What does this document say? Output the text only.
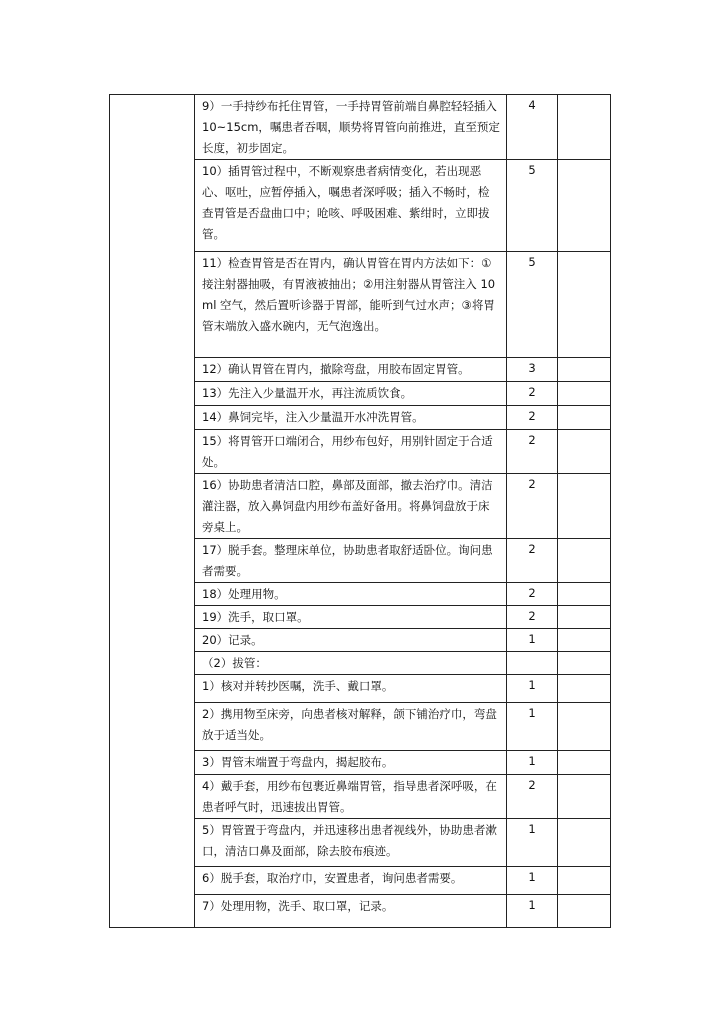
	9）一手持纱布托住胃管，一手持胃管前端自鼻腔轻轻插入 10~15cm，嘱患者吞咽，顺势将胃管向前推进，直至预定长度，初步固定。	4	

	10）插胃管过程中，不断观察患者病情变化，若出现恶心、呕吐，应暂停插入，嘱患者深呼吸；插入不畅时，检查胃管是否盘曲口中；呛咳、呼吸困难、紫绀时，立即拔管。	5	

	11）检查胃管是否在胃内，确认胃管在胃内方法如下：①接注射器抽吸，有胃液被抽出；②用注射器从胃管注入 10ml 空气，然后置听诊器于胃部，能听到气过水声；③将胃管末端放入盛水碗内，无气泡逸出。	5	

	12）确认胃管在胃内，撤除弯盘，用胶布固定胃管。	3	

	13）先注入少量温开水，再注流质饮食。	2	

	14）鼻饲完毕，注入少量温开水冲洗胃管。	2	

	15）将胃管开口端闭合，用纱布包好，用别针固定于合适处。	2	

	16）协助患者清洁口腔，鼻部及面部，撤去治疗巾。清洁灌注器，放入鼻饲盘内用纱布盖好备用。将鼻饲盘放于床旁桌上。	2	

	17）脱手套。整理床单位，协助患者取舒适卧位。询问患者需要。	2	

	18）处理用物。	2	

	19）洗手，取口罩。	2	

	20）记录。	1	

	（2）拔管：		

	1）核对并转抄医嘱，洗手、戴口罩。	1	

	2）携用物至床旁，向患者核对解释，颌下铺治疗巾，弯盘放于适当处。	1	

	3）胃管末端置于弯盘内，揭起胶布。	1	

	4）戴手套，用纱布包裹近鼻端胃管，指导患者深呼吸，在患者呼气时，迅速拔出胃管。	2	

	5）胃管置于弯盘内，并迅速移出患者视线外，协助患者漱口，清洁口鼻及面部，除去胶布痕迹。	1	

	6）脱手套，取治疗巾，安置患者，询问患者需要。	1	

	7）处理用物，洗手、取口罩，记录。	1	
